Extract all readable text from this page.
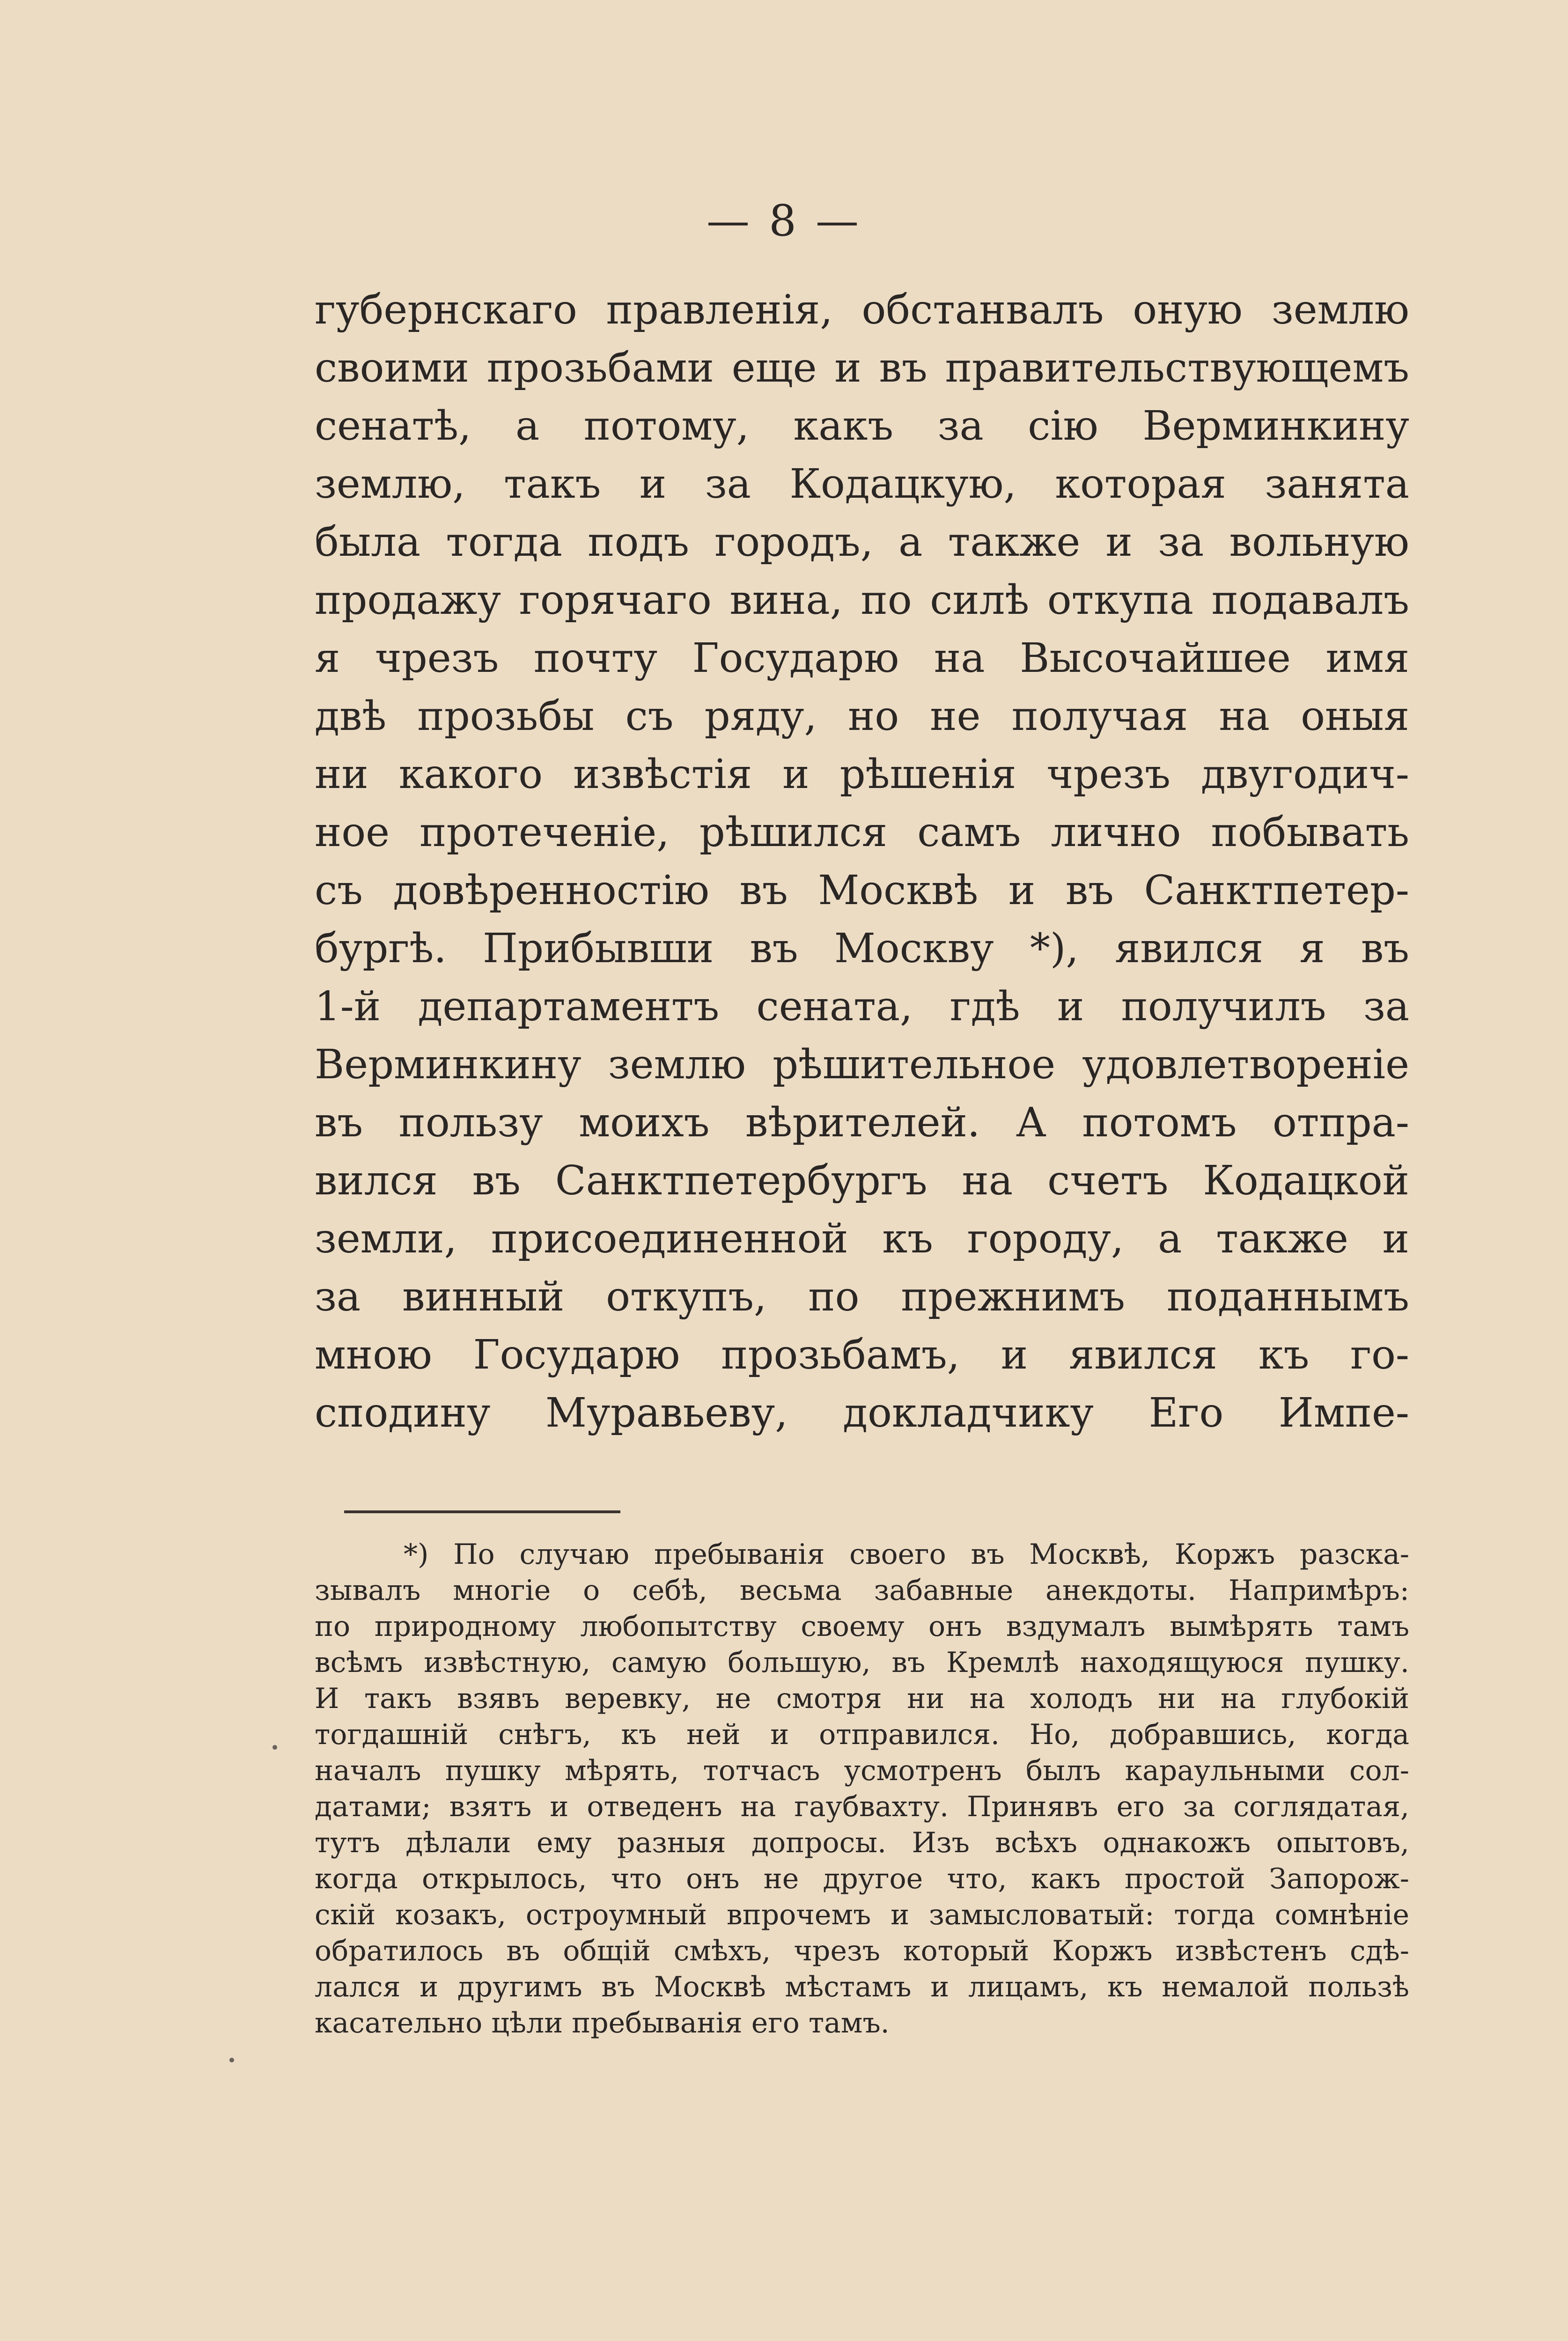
— 8 —
губернскаго правленія, обстанвалъ оную землю
своими прозьбами еще и въ правительствующемъ
сенатѣ, а потому, какъ за сію Верминкину
землю, такъ и за Кодацкую, которая занята
была тогда подъ городъ, а также и за вольную
продажу горячаго вина, по силѣ откупа подавалъ
я чрезъ почту Государю на Высочайшее имя
двѣ прозьбы съ ряду, но не получая на оныя
ни какого извѣстія и рѣшенія чрезъ двугодич-
ное протеченіе, рѣшился самъ лично побывать
съ довѣренностію въ Москвѣ и въ Санктпетер-
бургѣ. Прибывши въ Москву *), явился я въ
1-й департаментъ сената, гдѣ и получилъ за
Верминкину землю рѣшительное удовлетвореніе
въ пользу моихъ вѣрителей. А потомъ отпра-
вился въ Санктпетербургъ на счетъ Кодацкой
земли, присоединенной къ городу, а также и
за винный откупъ, по прежнимъ поданнымъ
мною Государю прозьбамъ, и явился къ го-
сподину Муравьеву, докладчику Его Импе-
*) По случаю пребыванія своего въ Москвѣ, Коржъ разска-
зывалъ многіе о себѣ, весьма забавные анекдоты. Напримѣръ:
по природному любопытству своему онъ вздумалъ вымѣрять тамъ
всѣмъ извѣстную, самую большую, въ Кремлѣ находящуюся пушку.
И такъ взявъ веревку, не смотря ни на холодъ ни на глубокій
тогдашній снѣгъ, къ ней и отправился. Но, добравшись, когда
началъ пушку мѣрять, тотчасъ усмотренъ былъ караульными сол-
датами; взятъ и отведенъ на гаубвахту. Принявъ его за соглядатая,
тутъ дѣлали ему разныя допросы. Изъ всѣхъ однакожъ опытовъ,
когда открылось, что онъ не другое что, какъ простой Запорож-
скій козакъ, остроумный впрочемъ и замысловатый: тогда сомнѣніе
обратилось въ общій смѣхъ, чрезъ который Коржъ извѣстенъ сдѣ-
лался и другимъ въ Москвѣ мѣстамъ и лицамъ, къ немалой пользѣ
касательно цѣли пребыванія его тамъ.
